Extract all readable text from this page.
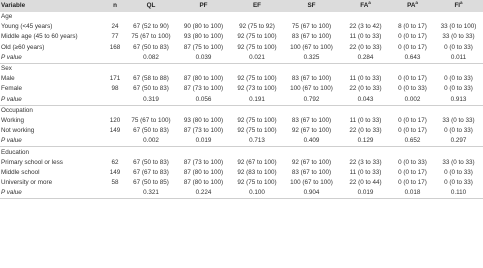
Variable	n	QL	PF	EF	SF	$FA^a$	$PA^a$	$FI^a$
Age								
Young (<45 years)	24	67 (52 to 90)	90 (80 to 100)	92 (75 to 92)	75 (67 to 100)	22 (3 to 42)	8 (0 to 17)	33 (0 to 100)
Middle age (45 to 60 years)	77	75 (67 to 100)	93 (80 to 100)	92 (75 to 100)	83 (67 to 100)	11 (0 to 33)	0 (0 to 17)	33 (0 to 33)
Old (≥60 years)	168	67 (50 to 83)	87 (75 to 100)	92 (75 to 100)	100 (67 to 100)	22 (0 to 33)	0 (0 to 17)	0 (0 to 33)
P value		0.082	0.039	0.021	0.325	0.284	0.643	0.011
Sex								
Male	171	67 (58 to 88)	87 (80 to 100)	92 (75 to 100)	83 (67 to 100)	11 (0 to 33)	0 (0 to 17)	0 (0 to 33)
Female	98	67 (50 to 83)	87 (73 to 100)	92 (73 to 100)	100 (67 to 100)	22 (0 to 33)	0 (0 to 33)	0 (0 to 33)
P value		0.319	0.056	0.191	0.792	0.043	0.002	0.913
Occupation								
Working	120	75 (67 to 100)	93 (80 to 100)	92 (75 to 100)	83 (67 to 100)	11 (0 to 33)	0 (0 to 17)	33 (0 to 33)
Not working	149	67 (50 to 83)	87 (73 to 100)	92 (75 to 100)	92 (67 to 100)	22 (0 to 33)	0 (0 to 17)	0 (0 to 33)
P value		0.002	0.019	0.713	0.409	0.129	0.652	0.297
Education								
Primary school or less	62	67 (50 to 83)	87 (73 to 100)	92 (67 to 100)	92 (67 to 100)	22 (3 to 33)	0 (0 to 33)	33 (0 to 33)
Middle school	149	67 (67 to 83)	87 (80 to 100)	92 (83 to 100)	83 (67 to 100)	11 (0 to 33)	0 (0 to 17)	0 (0 to 33)
University or more	58	67 (50 to 85)	87 (80 to 100)	92 (75 to 100)	100 (67 to 100)	22 (0 to 44)	0 (0 to 17)	0 (0 to 33)
P value		0.321	0.224	0.100	0.904	0.019	0.018	0.110
